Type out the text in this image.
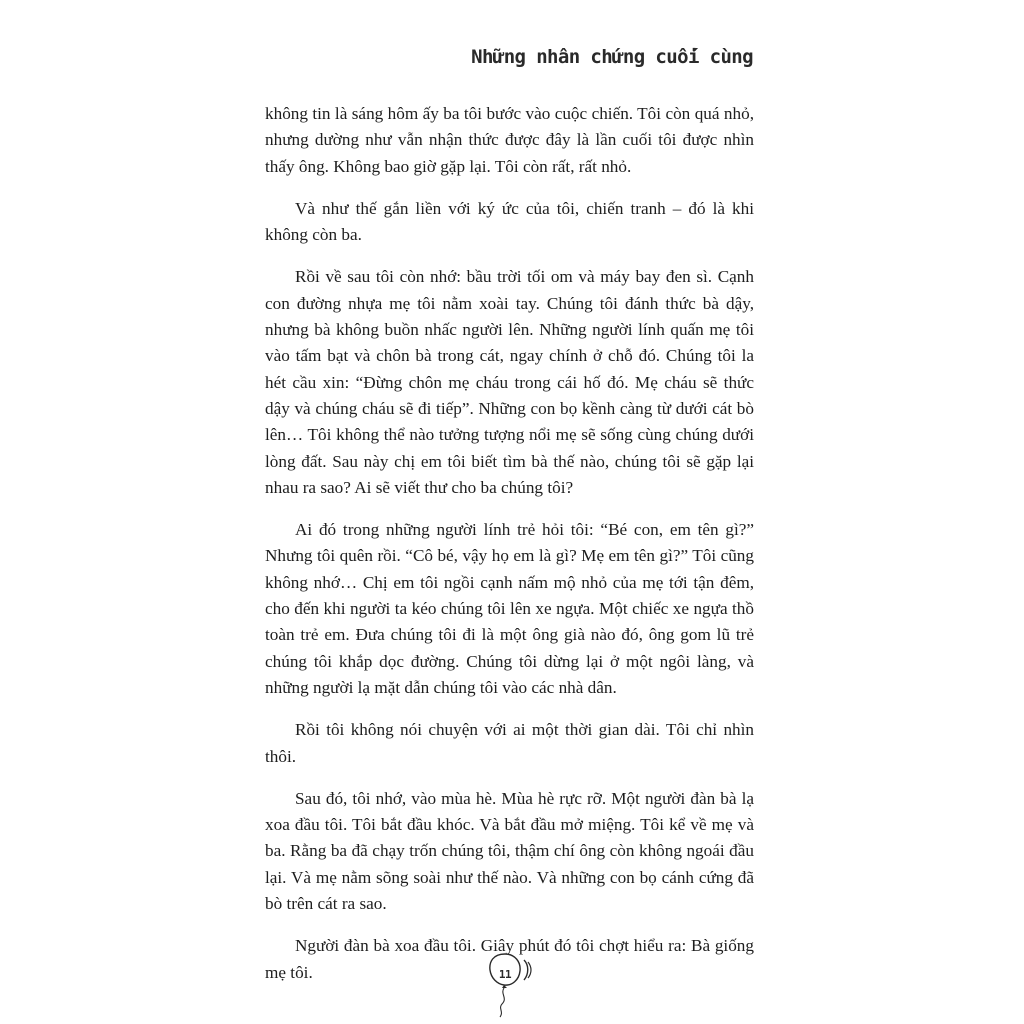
Những nhân chứng cuối cùng

không tin là sáng hôm ấy ba tôi bước vào cuộc chiến. Tôi còn quá nhỏ, nhưng dường như vẫn nhận thức được đây là lần cuối tôi được nhìn thấy ông. Không bao giờ gặp lại. Tôi còn rất, rất nhỏ.

Và như thế gắn liền với ký ức của tôi, chiến tranh – đó là khi không còn ba.

Rồi về sau tôi còn nhớ: bầu trời tối om và máy bay đen sì. Cạnh con đường nhựa mẹ tôi nằm xoài tay. Chúng tôi đánh thức bà dậy, nhưng bà không buồn nhấc người lên. Những người lính quấn mẹ tôi vào tấm bạt và chôn bà trong cát, ngay chính ở chỗ đó. Chúng tôi la hét cầu xin: “Đừng chôn mẹ cháu trong cái hố đó. Mẹ cháu sẽ thức dậy và chúng cháu sẽ đi tiếp”. Những con bọ kềnh càng từ dưới cát bò lên… Tôi không thể nào tưởng tượng nổi mẹ sẽ sống cùng chúng dưới lòng đất. Sau này chị em tôi biết tìm bà thế nào, chúng tôi sẽ gặp lại nhau ra sao? Ai sẽ viết thư cho ba chúng tôi?

Ai đó trong những người lính trẻ hỏi tôi: “Bé con, em tên gì?” Nhưng tôi quên rồi. “Cô bé, vậy họ em là gì? Mẹ em tên gì?” Tôi cũng không nhớ… Chị em tôi ngồi cạnh nấm mộ nhỏ của mẹ tới tận đêm, cho đến khi người ta kéo chúng tôi lên xe ngựa. Một chiếc xe ngựa thồ toàn trẻ em. Đưa chúng tôi đi là một ông già nào đó, ông gom lũ trẻ chúng tôi khắp dọc đường. Chúng tôi dừng lại ở một ngôi làng, và những người lạ mặt dẫn chúng tôi vào các nhà dân.

Rồi tôi không nói chuyện với ai một thời gian dài. Tôi chỉ nhìn thôi.

Sau đó, tôi nhớ, vào mùa hè. Mùa hè rực rỡ. Một người đàn bà lạ xoa đầu tôi. Tôi bắt đầu khóc. Và bắt đầu mở miệng. Tôi kể về mẹ và ba. Rằng ba đã chạy trốn chúng tôi, thậm chí ông còn không ngoái đầu lại. Và mẹ nằm sõng soài như thế nào. Và những con bọ cánh cứng đã bò trên cát ra sao.

Người đàn bà xoa đầu tôi. Giây phút đó tôi chợt hiểu ra: Bà giống mẹ tôi.	11
